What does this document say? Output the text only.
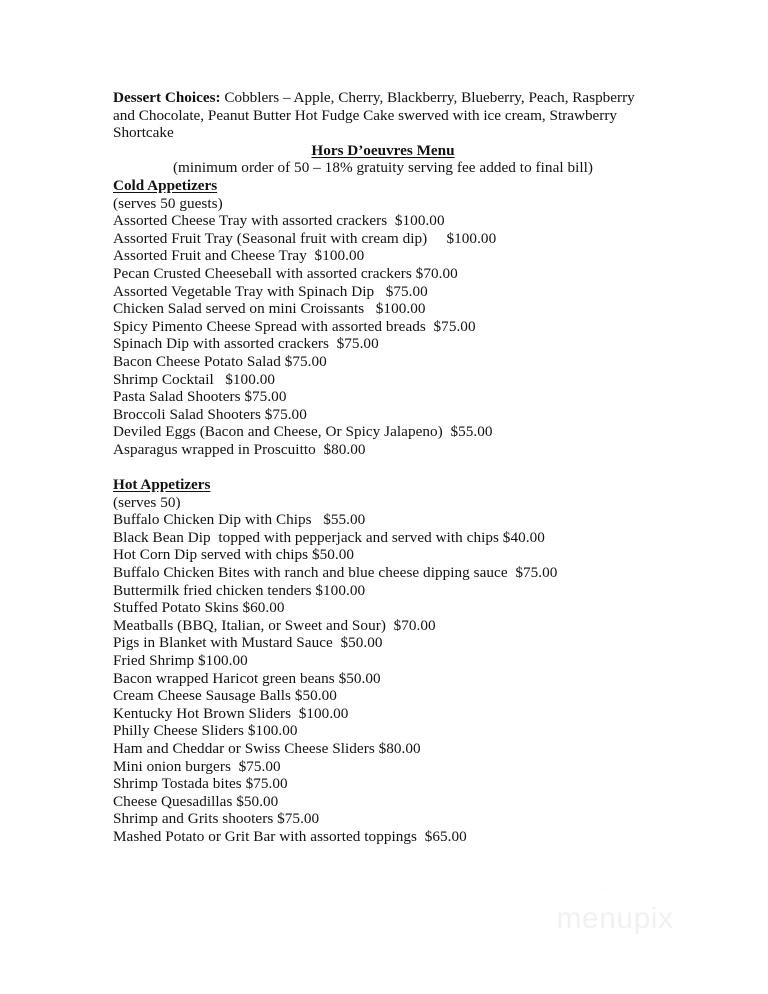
Dessert Choices: Cobblers – Apple, Cherry, Blackberry, Blueberry, Peach, Raspberry and Chocolate, Peanut Butter Hot Fudge Cake swerved with ice cream, Strawberry Shortcake
Hors D’oeuvres Menu
(minimum order of 50 – 18% gratuity serving fee added to final bill)
Cold Appetizers
(serves 50 guests)
Assorted Cheese Tray with assorted crackers  $100.00
Assorted Fruit Tray (Seasonal fruit with cream dip)     $100.00
Assorted Fruit and Cheese Tray  $100.00
Pecan Crusted Cheeseball with assorted crackers $70.00
Assorted Vegetable Tray with Spinach Dip   $75.00
Chicken Salad served on mini Croissants   $100.00
Spicy Pimento Cheese Spread with assorted breads  $75.00
Spinach Dip with assorted crackers  $75.00
Bacon Cheese Potato Salad $75.00
Shrimp Cocktail   $100.00
Pasta Salad Shooters $75.00
Broccoli Salad Shooters $75.00
Deviled Eggs (Bacon and Cheese, Or Spicy Jalapeno)  $55.00
Asparagus wrapped in Proscuitto  $80.00
Hot Appetizers
(serves 50)
Buffalo Chicken Dip with Chips   $55.00
Black Bean Dip  topped with pepperjack and served with chips $40.00
Hot Corn Dip served with chips $50.00
Buffalo Chicken Bites with ranch and blue cheese dipping sauce  $75.00
Buttermilk fried chicken tenders $100.00
Stuffed Potato Skins $60.00
Meatballs (BBQ, Italian, or Sweet and Sour)  $70.00
Pigs in Blanket with Mustard Sauce  $50.00
Fried Shrimp $100.00
Bacon wrapped Haricot green beans $50.00
Cream Cheese Sausage Balls $50.00
Kentucky Hot Brown Sliders  $100.00
Philly Cheese Sliders $100.00
Ham and Cheddar or Swiss Cheese Sliders $80.00
Mini onion burgers  $75.00
Shrimp Tostada bites $75.00
Cheese Quesadillas $50.00
Shrimp and Grits shooters $75.00
Mashed Potato or Grit Bar with assorted toppings  $65.00
find what you love
menupix
